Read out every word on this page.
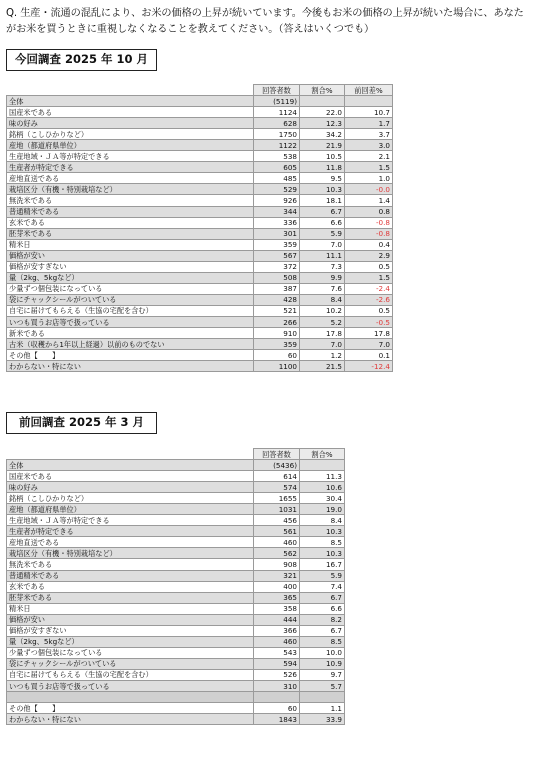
Q. 生産・流通の混乱により、お米の価格の上昇が続いています。今後もお米の価格の上昇が続いた場合に、あなたがお米を買うときに重視しなくなることを教えてください。（答えはいくつでも）
今回調査 2025 年 10 月
	回答者数	割合%	前回差%
全体	(5119)		
国産米である	1124	22.0	10.7
味の好み	628	12.3	1.7
銘柄（こしひかりなど）	1750	34.2	3.7
産地（都道府県単位）	1122	21.9	3.0
生産地域・ＪＡ等が特定できる	538	10.5	2.1
生産者が特定できる	605	11.8	1.5
産地直送である	485	9.5	1.0
栽培区分（有機・特別栽培など）	529	10.3	-0.0
無洗米である	926	18.1	1.4
普通精米である	344	6.7	0.8
玄米である	336	6.6	-0.8
胚芽米である	301	5.9	-0.8
精米日	359	7.0	0.4
価格が安い	567	11.1	2.9
価格が安すぎない	372	7.3	0.5
量（2kg、5kgなど）	508	9.9	1.5
少量ずつ個包装になっている	387	7.6	-2.4
袋にチャックシールがついている	428	8.4	-2.6
自宅に届けてもらえる（生協の宅配を含む）	521	10.2	0.5
いつも買うお店等で扱っている	266	5.2	-0.5
新米である	910	17.8	17.8
古米（収穫から1年以上経過）以前のものでない	359	7.0	7.0
その他【　　】	60	1.2	0.1
わからない・特にない	1100	21.5	-12.4
前回調査 2025 年 3 月
	回答者数	割合%
全体	(5436)	
国産米である	614	11.3
味の好み	574	10.6
銘柄（こしひかりなど）	1655	30.4
産地（都道府県単位）	1031	19.0
生産地域・ＪＡ等が特定できる	456	8.4
生産者が特定できる	561	10.3
産地直送である	460	8.5
栽培区分（有機・特別栽培など）	562	10.3
無洗米である	908	16.7
普通精米である	321	5.9
玄米である	400	7.4
胚芽米である	365	6.7
精米日	358	6.6
価格が安い	444	8.2
価格が安すぎない	366	6.7
量（2kg、5kgなど）	460	8.5
少量ずつ個包装になっている	543	10.0
袋にチャックシールがついている	594	10.9
自宅に届けてもらえる（生協の宅配を含む）	526	9.7
いつも買うお店等で扱っている	310	5.7

その他【　　】	60	1.1
わからない・特にない	1843	33.9
